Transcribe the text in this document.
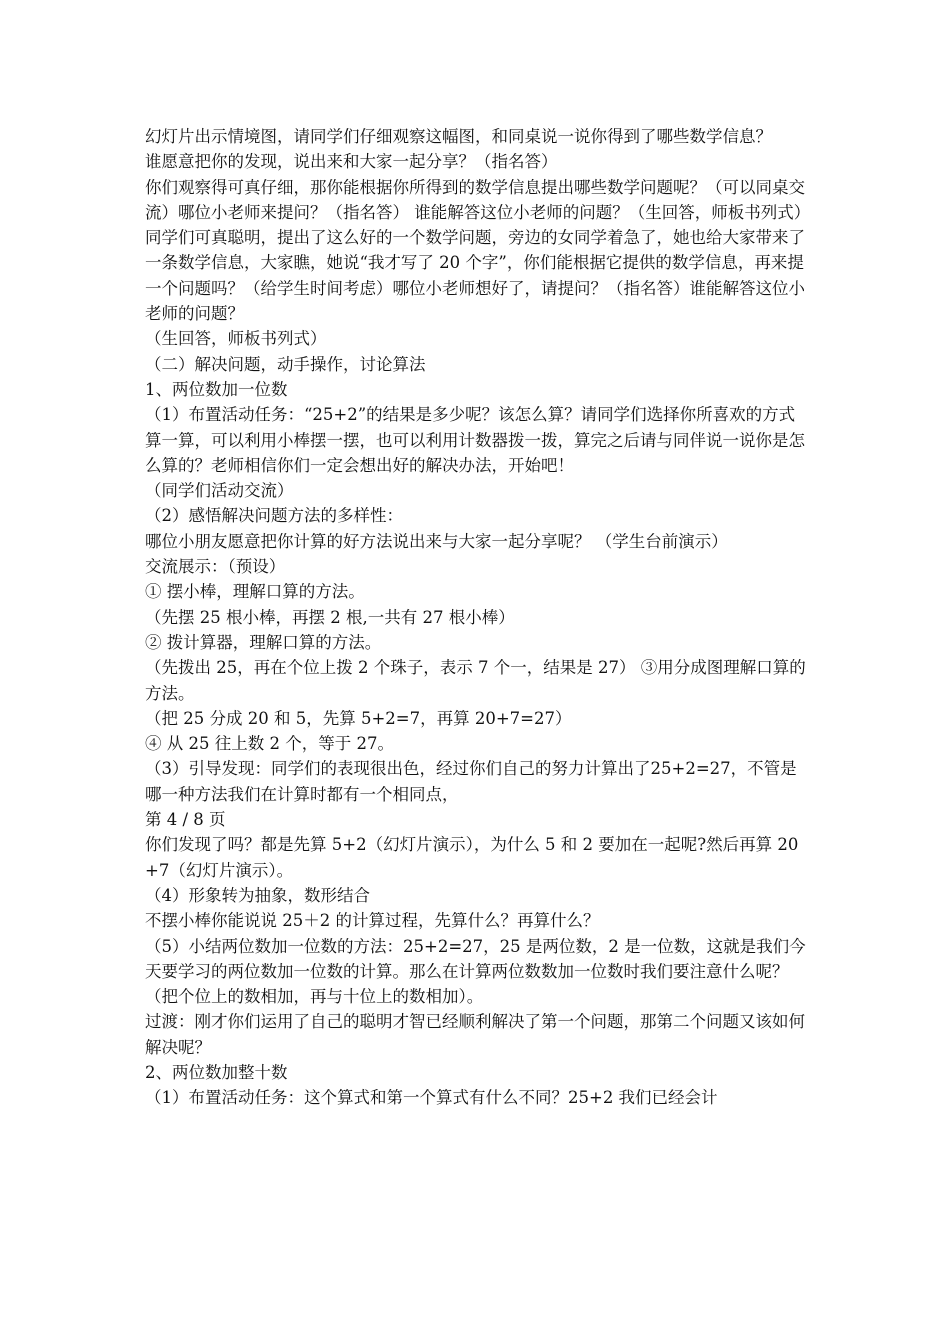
幻灯片出示情境图，请同学们仔细观察这幅图，和同桌说一说你得到了哪些数学信息？

谁愿意把你的发现，说出来和大家一起分享？（指名答）

你们观察得可真仔细，那你能根据你所得到的数学信息提出哪些数学问题呢？（可以同桌交流）哪位小老师来提问？（指名答） 谁能解答这位小老师的问题？（生回答，师板书列式）

同学们可真聪明，提出了这么好的一个数学问题，旁边的女同学着急了，她也给大家带来了一条数学信息，大家瞧，她说“我才写了 20 个字”，你们能根据它提供的数学信息，再来提一个问题吗？（给学生时间考虑）哪位小老师想好了，请提问？（指名答）谁能解答这位小老师的问题？

（生回答，师板书列式）

（二）解决问题，动手操作，讨论算法

1、两位数加一位数

（1）布置活动任务：“25+2”的结果是多少呢？该怎么算？请同学们选择你所喜欢的方式算一算，可以利用小棒摆一摆，也可以利用计数器拨一拨，算完之后请与同伴说一说你是怎么算的？老师相信你们一定会想出好的解决办法，开始吧！

（同学们活动交流）

（2）感悟解决问题方法的多样性：

哪位小朋友愿意把你计算的好方法说出来与大家一起分享呢？ （学生台前演示）

交流展示：（预设）

① 摆小棒，理解口算的方法。

（先摆 25 根小棒，再摆 2 根,一共有 27 根小棒）

② 拨计算器，理解口算的方法。

（先拨出 25，再在个位上拨 2 个珠子，表示 7 个一，结果是 27） ③用分成图理解口算的方法。

（把 25 分成 20 和 5，先算 5+2=7，再算 20+7=27）

④ 从 25 往上数 2 个，等于 27。

（3）引导发现：同学们的表现很出色，经过你们自己的努力计算出了25+2=27，不管是哪一种方法我们在计算时都有一个相同点，

第 4 / 8 页

你们发现了吗？都是先算 5+2（幻灯片演示），为什么 5 和 2 要加在一起呢?然后再算 20+7（幻灯片演示）。

（4）形象转为抽象，数形结合

不摆小棒你能说说 25＋2 的计算过程，先算什么？再算什么？

（5）小结两位数加一位数的方法：25+2=27，25 是两位数，2 是一位数，这就是我们今天要学习的两位数加一位数的计算。那么在计算两位数数加一位数时我们要注意什么呢？

（把个位上的数相加，再与十位上的数相加）。

过渡：刚才你们运用了自己的聪明才智已经顺利解决了第一个问题，那第二个问题又该如何解决呢？

2、两位数加整十数

（1）布置活动任务：这个算式和第一个算式有什么不同？25+2 我们已经会计
